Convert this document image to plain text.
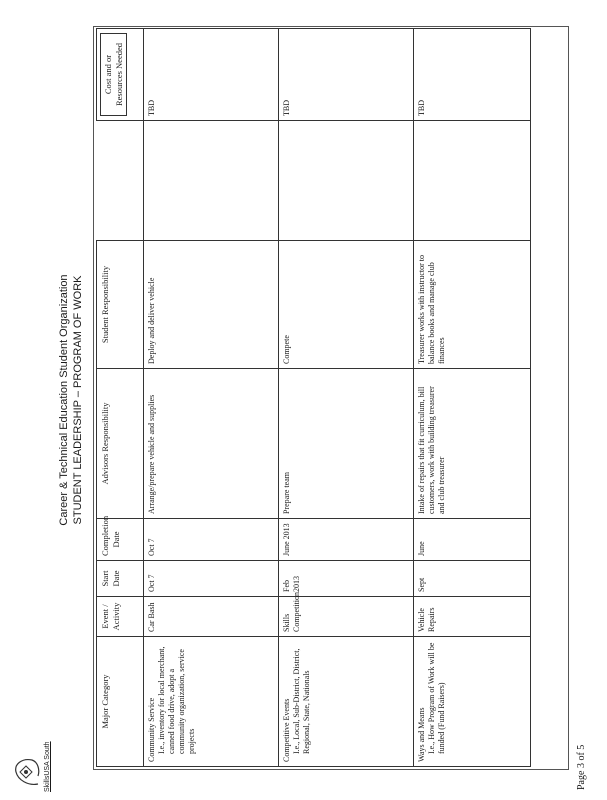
SkillsUSA South
Career & Technical Education Student Organization STUDENT LEADERSHIP – PROGRAM OF WORK
Major Category	Event / Activity	Start Date	Completion Date	Advisors Responsibility	Student Responsibility		Cost and or Resources Needed

Community Service I.e., inventory for local merchant, canned food drive, adopt a community organization, service projects	Car Bash	Oct 7	Oct 7	Arrange/prepare vehicle and supplies	Deploy and deliver vehicle		TBD

Competitive Events I.e., Local, Sub-District, District, Regional, State, Nationals	Skills Competition	Feb 2013	June 2013	Prepare team	Compete		TBD

Ways and Means I.e., How Program of Work will be funded (Fund Raisers)	Vehicle Repairs	Sept	June	Intake of repairs that fit curriculum, bill customers, work with building treasurer and club treasurer	Treasurer works with instructor to balance books and manage club finances		TBD
Page 3 of 5
